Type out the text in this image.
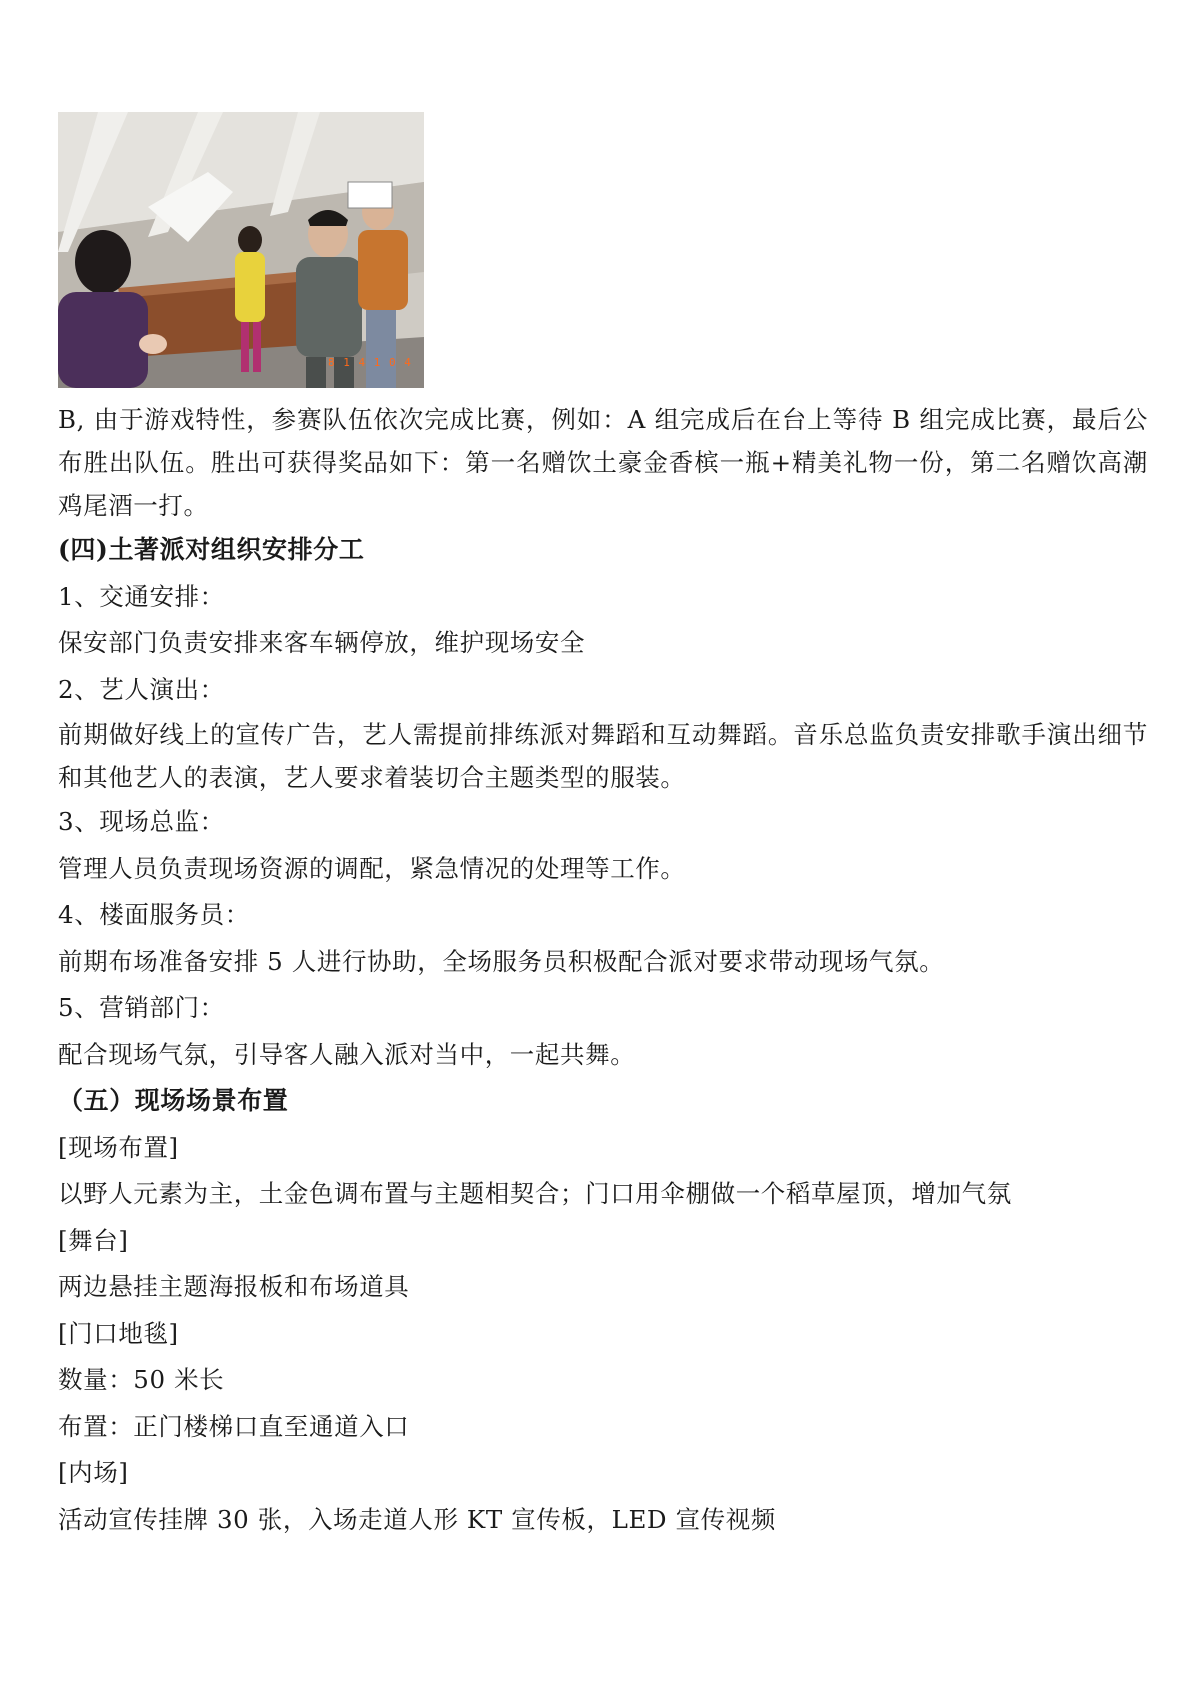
8 1 4 1 0 4
B, 由于游戏特性，参赛队伍依次完成比赛，例如：A 组完成后在台上等待 B 组完成比赛，最后公布胜出队伍。胜出可获得奖品如下：第一名赠饮土豪金香槟一瓶+精美礼物一份，第二名赠饮高潮鸡尾酒一打。
(四)土著派对组织安排分工
1、交通安排：
保安部门负责安排来客车辆停放，维护现场安全
2、艺人演出：
前期做好线上的宣传广告，艺人需提前排练派对舞蹈和互动舞蹈。音乐总监负责安排歌手演出细节和其他艺人的表演，艺人要求着装切合主题类型的服装。
3、现场总监：
管理人员负责现场资源的调配，紧急情况的处理等工作。
4、楼面服务员：
前期布场准备安排 5 人进行协助，全场服务员积极配合派对要求带动现场气氛。
5、营销部门：
配合现场气氛，引导客人融入派对当中，一起共舞。
（五）现场场景布置
[现场布置]
以野人元素为主，土金色调布置与主题相契合；门口用伞棚做一个稻草屋顶，增加气氛
[舞台]
两边悬挂主题海报板和布场道具
[门口地毯]
数量：50 米长
布置：正门楼梯口直至通道入口
[内场]
活动宣传挂牌 30 张，入场走道人形 KT 宣传板，LED 宣传视频
